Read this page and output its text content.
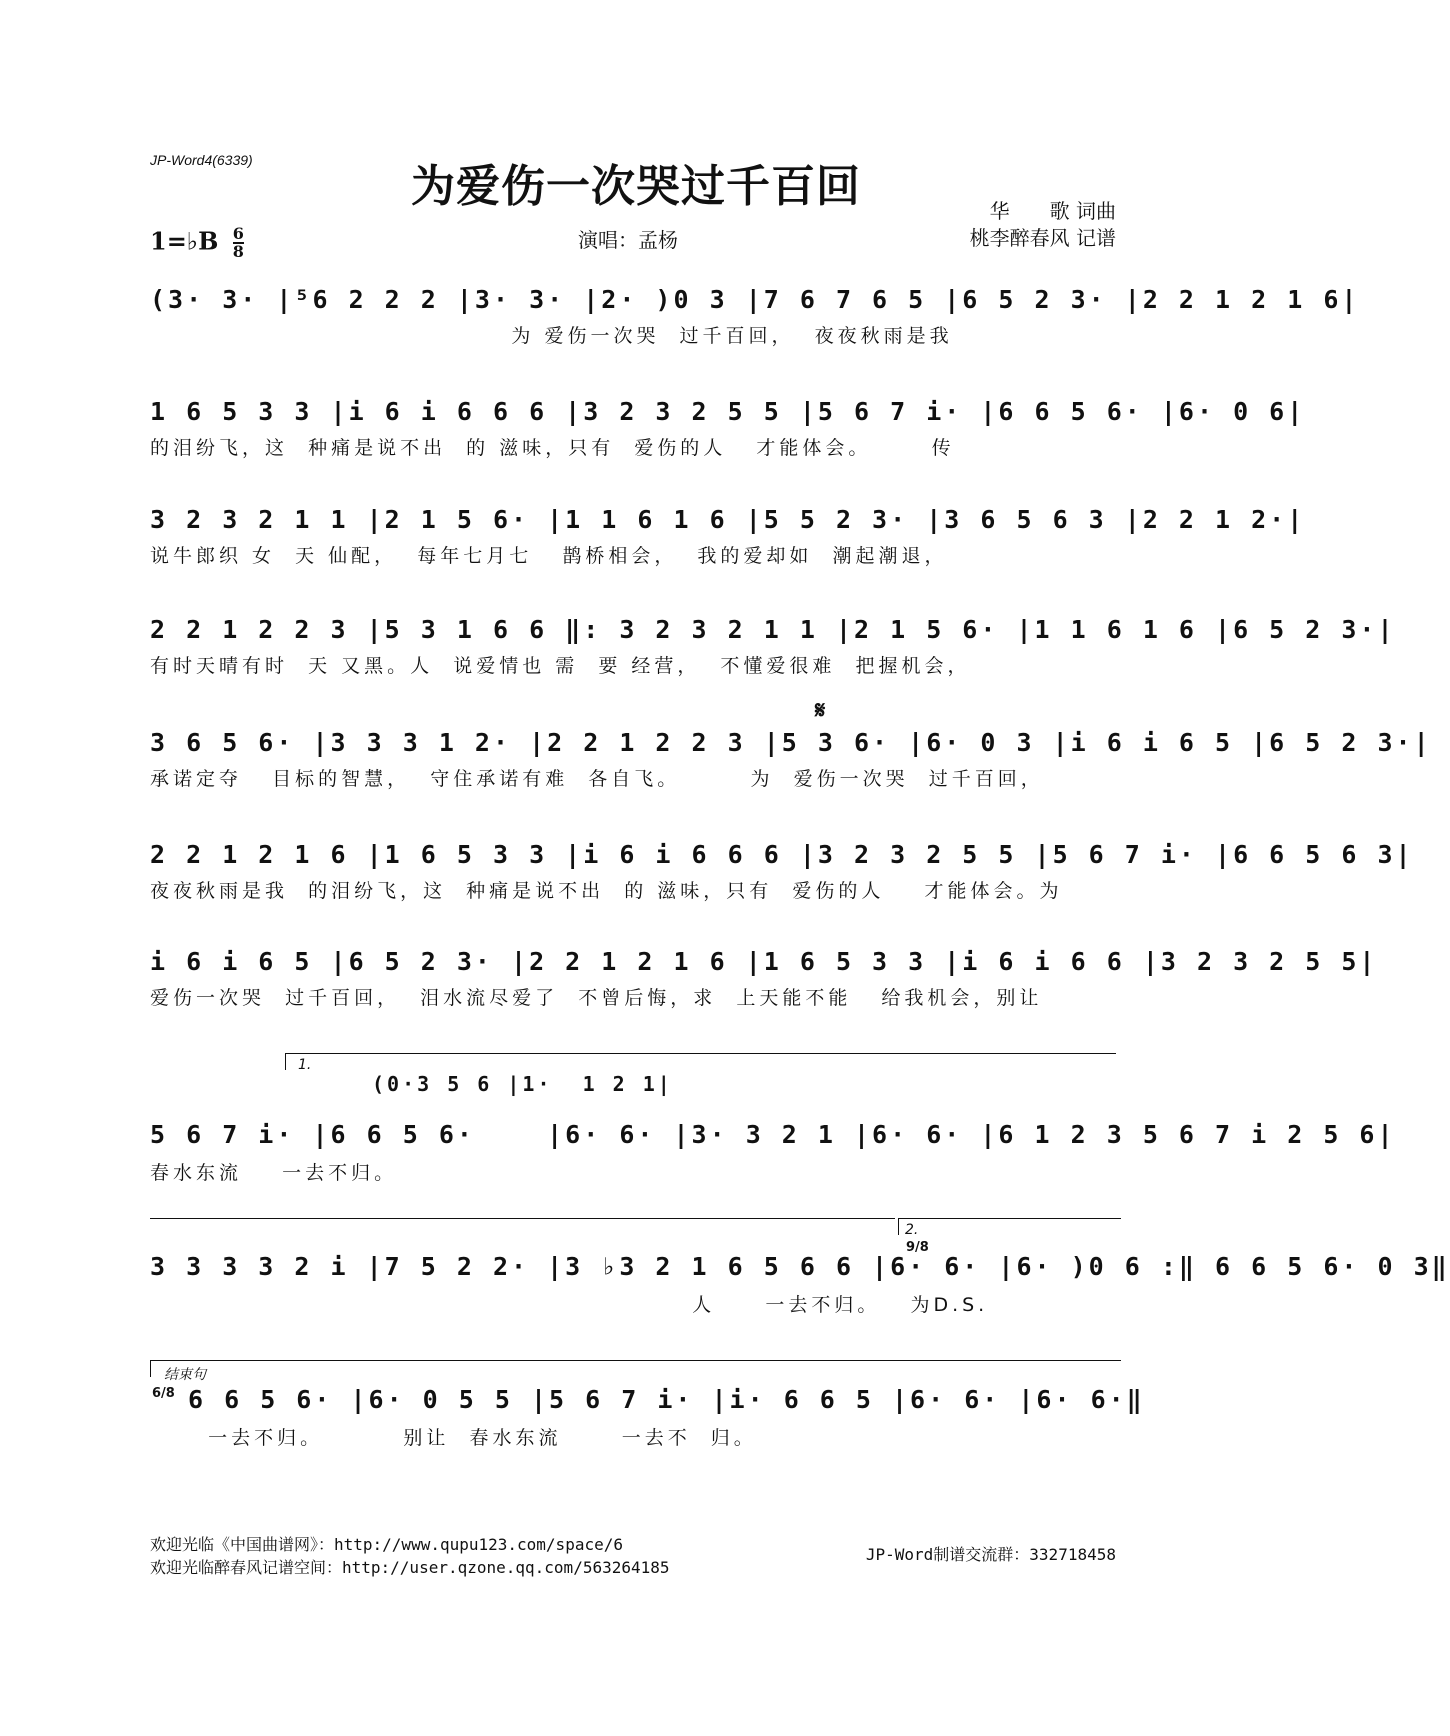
JP-Word4(6339)
为爱伤一次哭过千百回
1=♭B $\frac{6}{8}$	演唱：孟杨
华　　歌 词曲
桃李醉春风 记谱
(3· 3· |⁵6 2 2 2 |3· 3· |2· )0 3 |7 6 7 6 5 |6 5 2 3· |2 2 1 2 1 6|
为 爱伤一次哭  过千百回，  夜夜秋雨是我
1 6 5 3 3 |i 6 i 6 6 6 |3 2 3 2 5 5 |5 6 7 i· |6 6 5 6· |6· 0 6|
的泪纷飞，这  种痛是说不出  的 滋味，只有  爱伤的人   才能体会。      传
3 2 3 2 1 1 |2 1 5 6· |1 1 6 1 6 |5 5 2 3· |3 6 5 6 3 |2 2 1 2·|
说牛郎织 女  天 仙配，  每年七月七   鹊桥相会，  我的爱却如  潮起潮退，
2 2 1 2 2 3 |5 3 1 6 6 ‖: 3 2 3 2 1 1 |2 1 5 6· |1 1 6 1 6 |6 5 2 3·|
有时天晴有时  天 又黑。人  说爱情也 需  要 经营，  不懂爱很难  把握机会，
𝄋
3 6 5 6· |3 3 3 1 2· |2 2 1 2 2 3 |5 3 6· |6· 0 3 |i 6 i 6 5 |6 5 2 3·|
承诺定夺   目标的智慧，  守住承诺有难  各自飞。       为  爱伤一次哭  过千百回，
2 2 1 2 1 6 |1 6 5 3 3 |i 6 i 6 6 6 |3 2 3 2 5 5 |5 6 7 i· |6 6 5 6 3|
夜夜秋雨是我  的泪纷飞，这  种痛是说不出  的 滋味，只有  爱伤的人    才能体会。为
i 6 i 6 5 |6 5 2 3· |2 2 1 2 1 6 |1 6 5 3 3 |i 6 i 6 6 |3 2 3 2 5 5|
爱伤一次哭  过千百回，  泪水流尽爱了  不曾后悔，求  上天能不能   给我机会，别让
1.
(0·3 5 6 |1·  1 2 1|
5 6 7 i· |6 6 5 6·    |6· 6· |3· 3 2 1 |6· 6· |6 1 2 3 5 6 7 i 2 5 6|
春水东流    一去不归。
2.
3 3 3 3 2 i |7 5 2 2· |3 ♭3 2 1 6 5 6 6 |6· 6· |6· )0 6 :‖ 6 6 5 6· 0 3‖
人     一去不归。   为D.S.
9/8
结束句
6/8 6 6 5 6· |6· 0 5 5 |5 6 7 i· |i· 6 6 5 |6· 6· |6· 6·‖
一去不归。        别让  春水东流      一去不  归。
欢迎光临《中国曲谱网》：http://www.qupu123.com/space/6
欢迎光临醉春风记谱空间：http://user.qzone.qq.com/563264185
JP-Word制谱交流群：332718458
